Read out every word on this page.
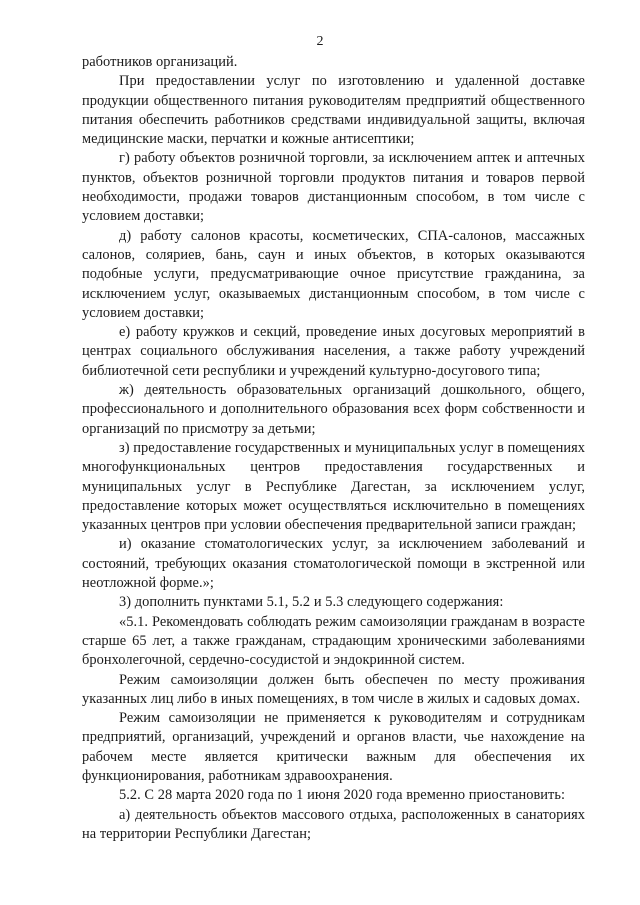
2

работников организаций.

При предоставлении услуг по изготовлению и удаленной доставке продукции общественного питания руководителям предприятий общественного питания обеспечить работников средствами индивидуальной защиты, включая медицинские маски, перчатки и кожные антисептики;

г) работу объектов розничной торговли, за исключением аптек и аптечных пунктов, объектов розничной торговли продуктов питания и товаров первой необходимости, продажи товаров дистанционным способом, в том числе с условием доставки;

д) работу салонов красоты, косметических, СПА-салонов, массажных салонов, соляриев, бань, саун и иных объектов, в которых оказываются подобные услуги, предусматривающие очное присутствие гражданина, за исключением услуг, оказываемых дистанционным способом, в том числе с условием доставки;

е) работу кружков и секций, проведение иных досуговых мероприятий в центрах социального обслуживания населения, а также работу учреждений библиотечной сети республики и учреждений культурно-досугового типа;

ж) деятельность образовательных организаций дошкольного, общего, профессионального и дополнительного образования всех форм собственности и организаций по присмотру за детьми;

з) предоставление государственных и муниципальных услуг в помещениях многофункциональных центров предоставления государственных и муниципальных услуг в Республике Дагестан, за исключением услуг, предоставление которых может осуществляться исключительно в помещениях указанных центров при условии обеспечения предварительной записи граждан;

и) оказание стоматологических услуг, за исключением заболеваний и состояний, требующих оказания стоматологической помощи в экстренной или неотложной форме.»;

3) дополнить пунктами 5.1, 5.2 и 5.3 следующего содержания:

«5.1. Рекомендовать соблюдать режим самоизоляции гражданам в возрасте старше 65 лет, а также гражданам, страдающим хроническими заболеваниями бронхолегочной, сердечно-сосудистой и эндокринной систем.

Режим самоизоляции должен быть обеспечен по месту проживания указанных лиц либо в иных помещениях, в том числе в жилых и садовых домах.

Режим самоизоляции не применяется к руководителям и сотрудникам предприятий, организаций, учреждений и органов власти, чье нахождение на рабочем месте является критически важным для обеспечения их функционирования, работникам здравоохранения.

5.2. С 28 марта 2020 года по 1 июня 2020 года временно приостановить:

а) деятельность объектов массового отдыха, расположенных в санаториях на территории Республики Дагестан;
